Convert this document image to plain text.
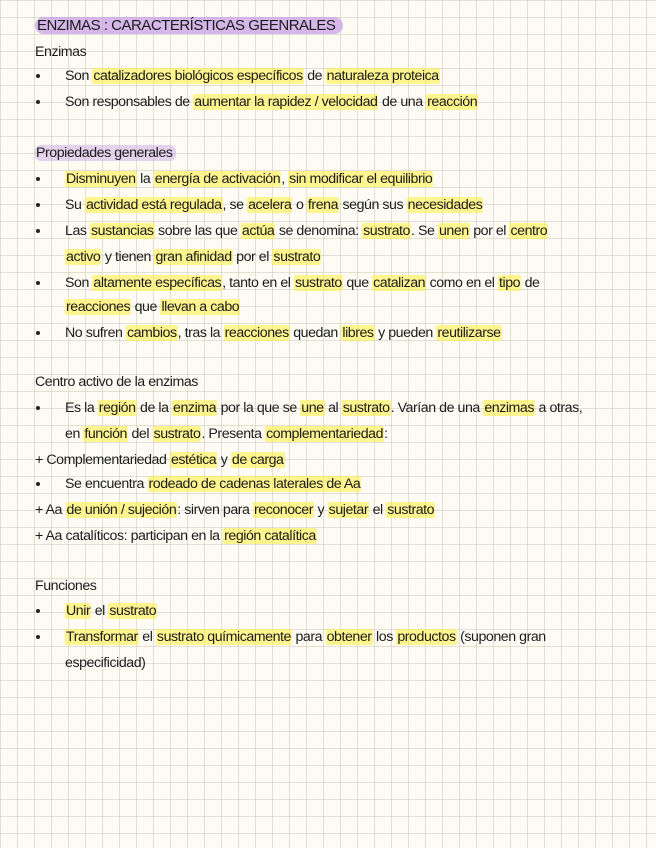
ENZIMAS : CARACTERÍSTICAS GEENRALES
Enzimas
Son catalizadores biológicos específicos de naturaleza proteica
Son responsables de aumentar la rapidez / velocidad de una reacción
Propiedades generales
Disminuyen la energía de activación, sin modificar el equilibrio
Su actividad está regulada, se acelera o frena según sus necesidades
Las sustancias sobre las que actúa se denomina: sustrato. Se unen por el centro
activo y tienen gran afinidad por el sustrato
Son altamente específicas, tanto en el sustrato que catalizan como en el tipo de
reacciones que llevan a cabo
No sufren cambios, tras la reacciones quedan libres y pueden reutilizarse
Centro activo de la enzimas
Es la región de la enzima por la que se une al sustrato. Varían de una enzimas a otras,
en función del sustrato. Presenta complementariedad:
+ Complementariedad estética y de carga
Se encuentra rodeado de cadenas laterales de Aa
+ Aa de unión / sujeción: sirven para reconocer y sujetar el sustrato
+ Aa catalíticos: participan en la región catalítica
Funciones
Unir el sustrato
Transformar el sustrato químicamente para obtener los productos (suponen gran
especificidad)
